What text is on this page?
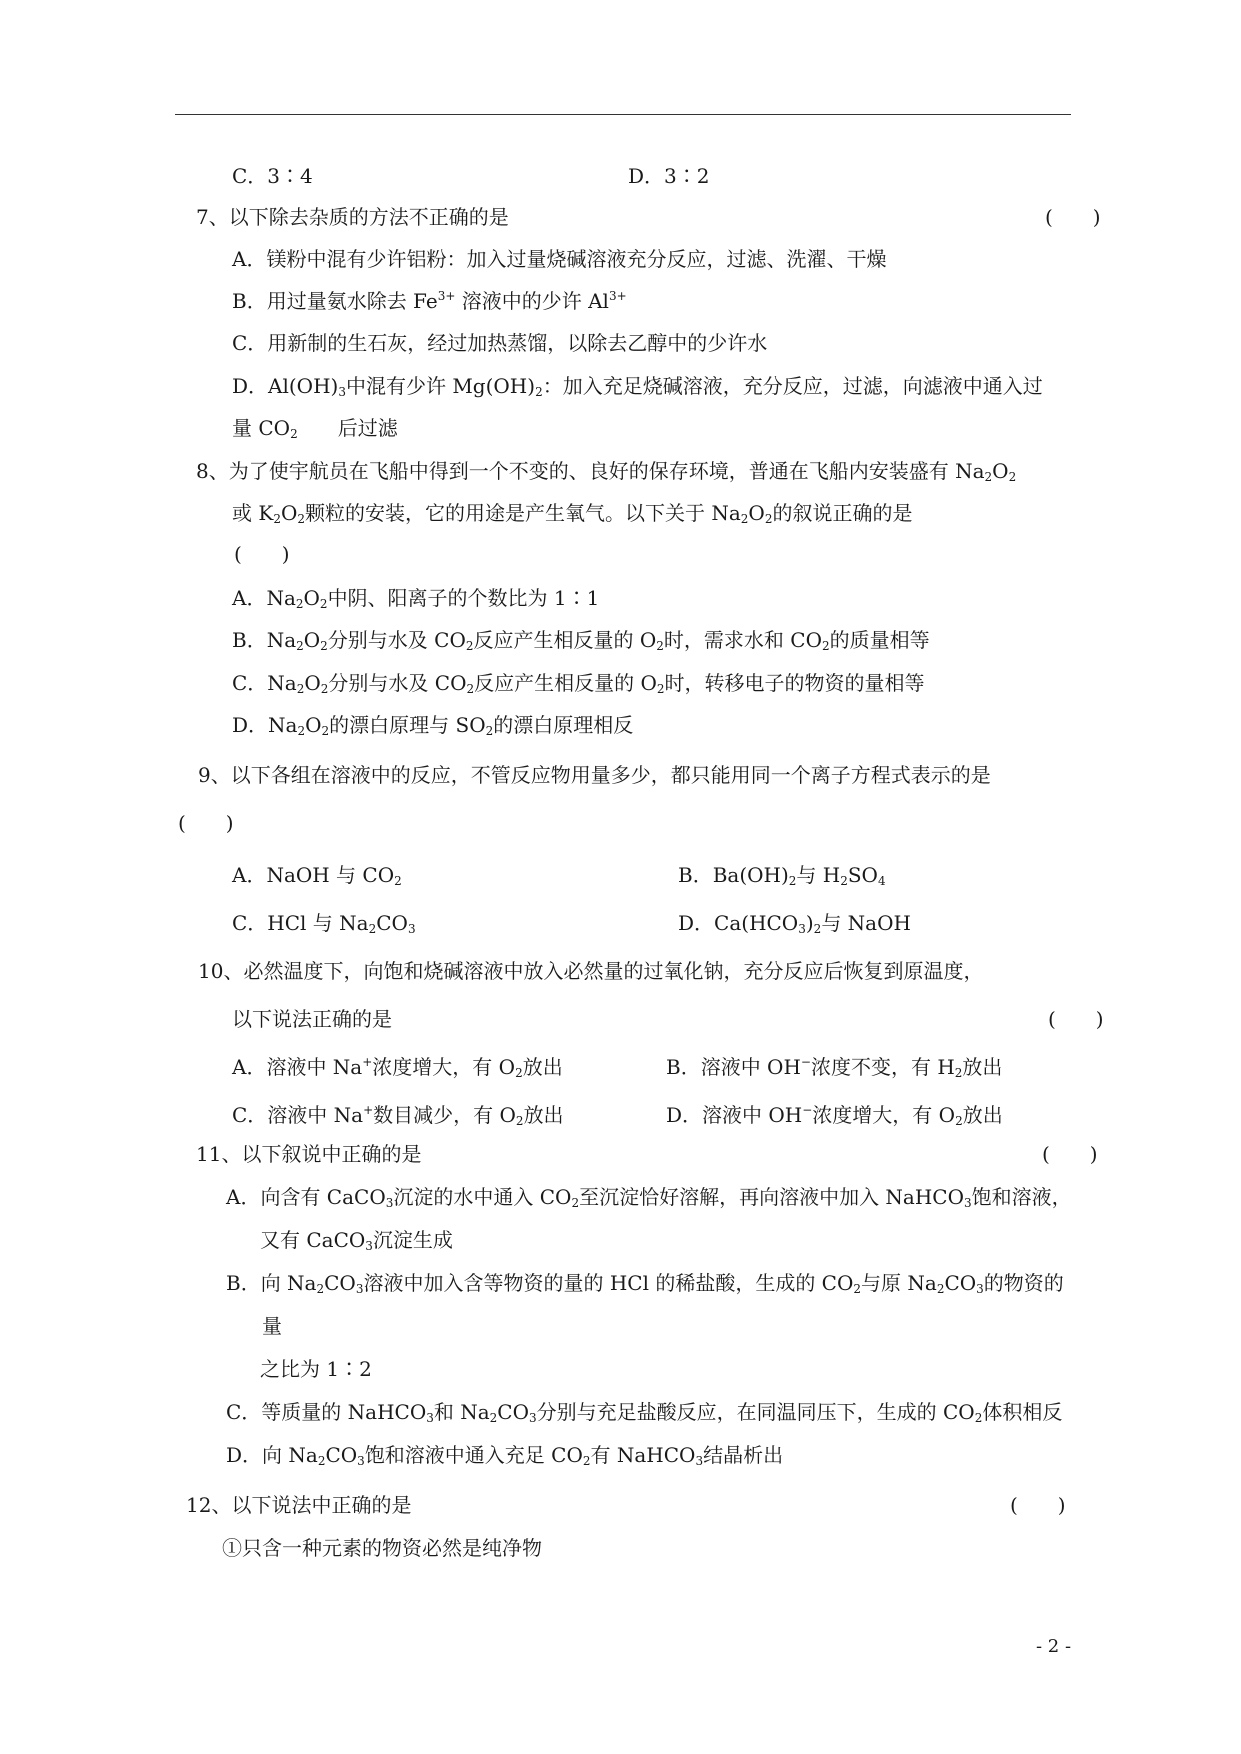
C．3∶4	D．3∶2
7、以下除去杂质的方法不正确的是	(　　)
A．镁粉中混有少许铝粉：加入过量烧碱溶液充分反应，过滤、洗濯、干燥
B．用过量氨水除去 $Fe^{3+}$ 溶液中的少许 $Al^{3+}$
C．用新制的生石灰，经过加热蒸馏，以除去乙醇中的少许水
D．$Al(OH)_3$中混有少许 $Mg(OH)_2$：加入充足烧碱溶液，充分反应，过滤，向滤液中通入过
量 $CO_2$　　后过滤
8、为了使宇航员在飞船中得到一个不变的、良好的保存环境，普通在飞船内安装盛有 $Na_2O_2$
或 $K_2O_2$颗粒的安装，它的用途是产生氧气。以下关于 $Na_2O_2$的叙说正确的是
(　　)
A．$Na_2O_2$中阴、阳离子的个数比为 1∶1
B．$Na_2O_2$分别与水及 $CO_2$反应产生相反量的 $O_2$时，需求水和 $CO_2$的质量相等
C．$Na_2O_2$分别与水及 $CO_2$反应产生相反量的 $O_2$时，转移电子的物资的量相等
D．$Na_2O_2$的漂白原理与 $SO_2$的漂白原理相反
9、以下各组在溶液中的反应，不管反应物用量多少，都只能用同一个离子方程式表示的是
(　　)
A．NaOH 与 $CO_2$	B．$Ba(OH)_2$与 $H_2SO_4$
C．HCl 与 $Na_2CO_3$	D．$Ca(HCO_3)_2$与 NaOH
10、必然温度下，向饱和烧碱溶液中放入必然量的过氧化钠，充分反应后恢复到原温度，
以下说法正确的是	(　　)
A．溶液中 Na+浓度增大，有 $O_2$放出	B．溶液中 OH−浓度不变，有 $H_2$放出
C．溶液中 Na+数目减少，有 $O_2$放出	D．溶液中 OH−浓度增大，有 $O_2$放出
11、以下叙说中正确的是	(　　)
A．向含有 CaCO$_3$沉淀的水中通入 $CO_2$至沉淀恰好溶解，再向溶液中加入 NaHCO$_3$饱和溶液，
又有 CaCO$_3$沉淀生成
B．向 $Na_2CO_3$溶液中加入含等物资的量的 HCl 的稀盐酸，生成的 $CO_2$与原 $Na_2CO_3$的物资的
量
之比为 1∶2
C．等质量的 NaHCO$_3$和 $Na_2CO_3$分别与充足盐酸反应，在同温同压下，生成的 $CO_2$体积相反
D．向 $Na_2CO_3$饱和溶液中通入充足 $CO_2$有 NaHCO$_3$结晶析出
12、以下说法中正确的是	(　　)
①只含一种元素的物资必然是纯净物
- 2 -
